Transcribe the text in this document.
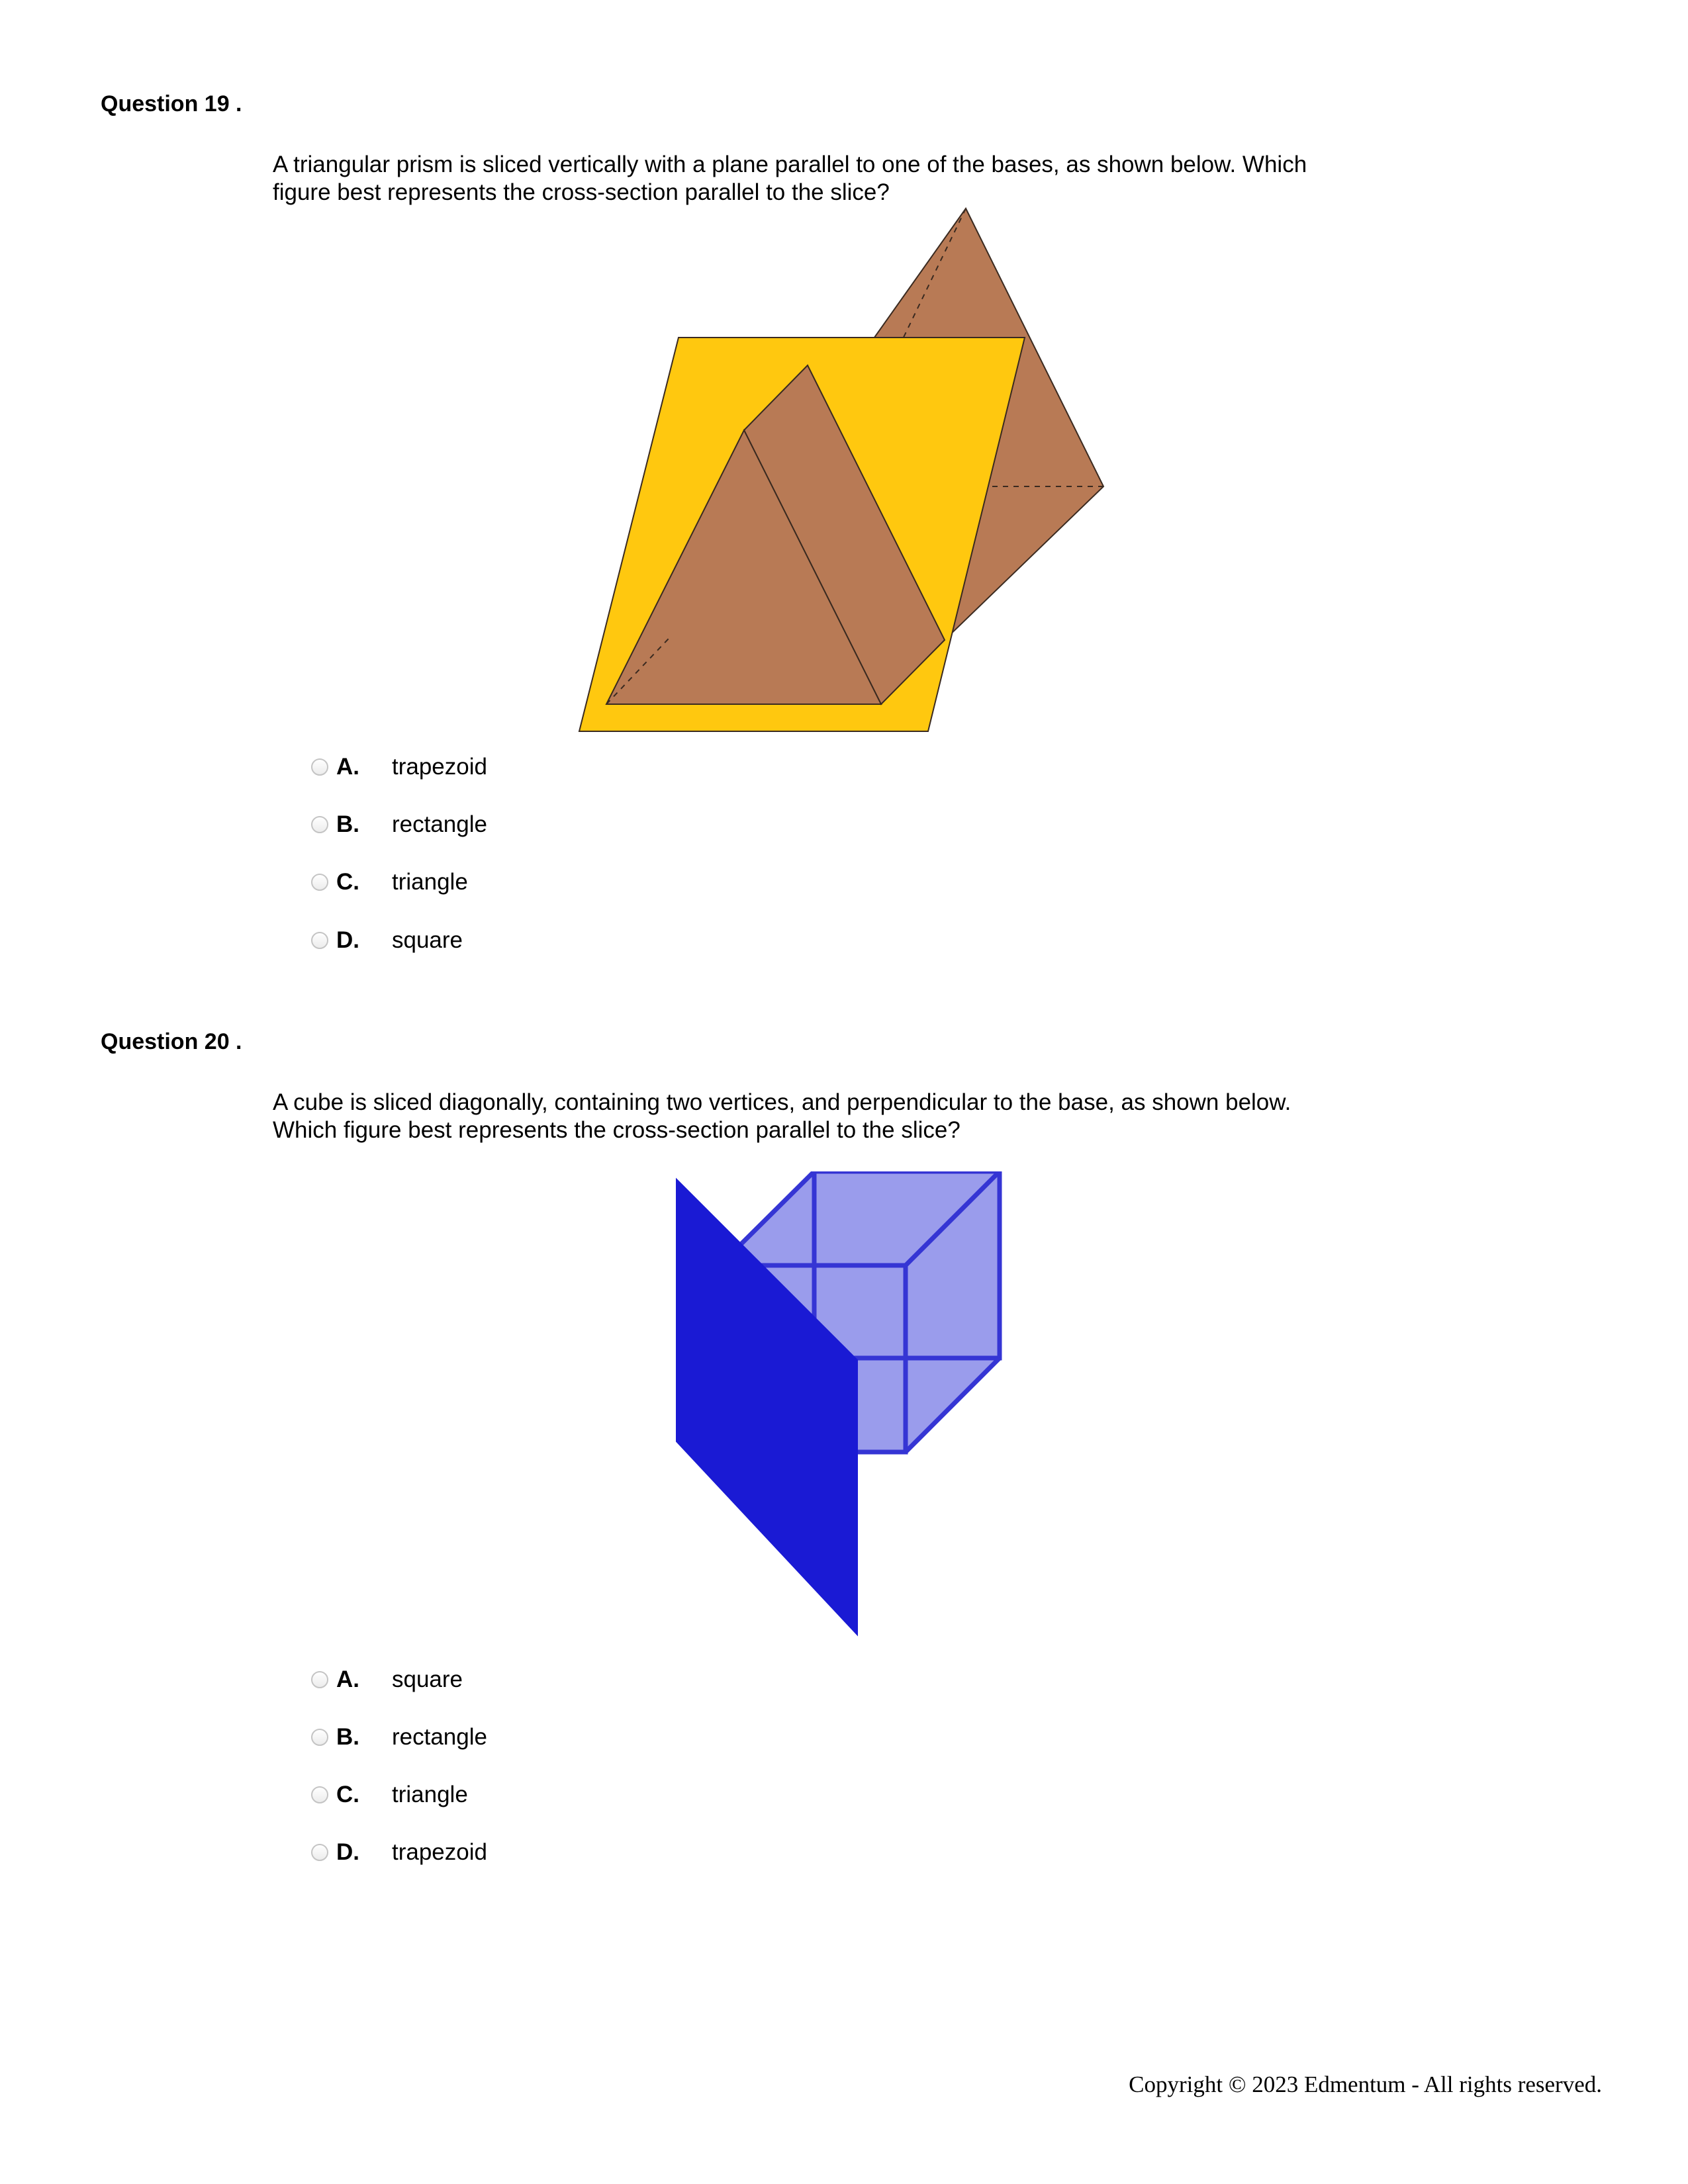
Question 19 .
A triangular prism is sliced vertically with a plane parallel to one of the bases, as shown below. Which
figure best represents the cross-section parallel to the slice?
A.	trapezoid
B.	rectangle
C.	triangle
D.	square
Question 20 .
A cube is sliced diagonally, containing two vertices, and perpendicular to the base, as shown below.
Which figure best represents the cross-section parallel to the slice?
A.	square
B.	rectangle
C.	triangle
D.	trapezoid
Copyright © 2023 Edmentum - All rights reserved.
